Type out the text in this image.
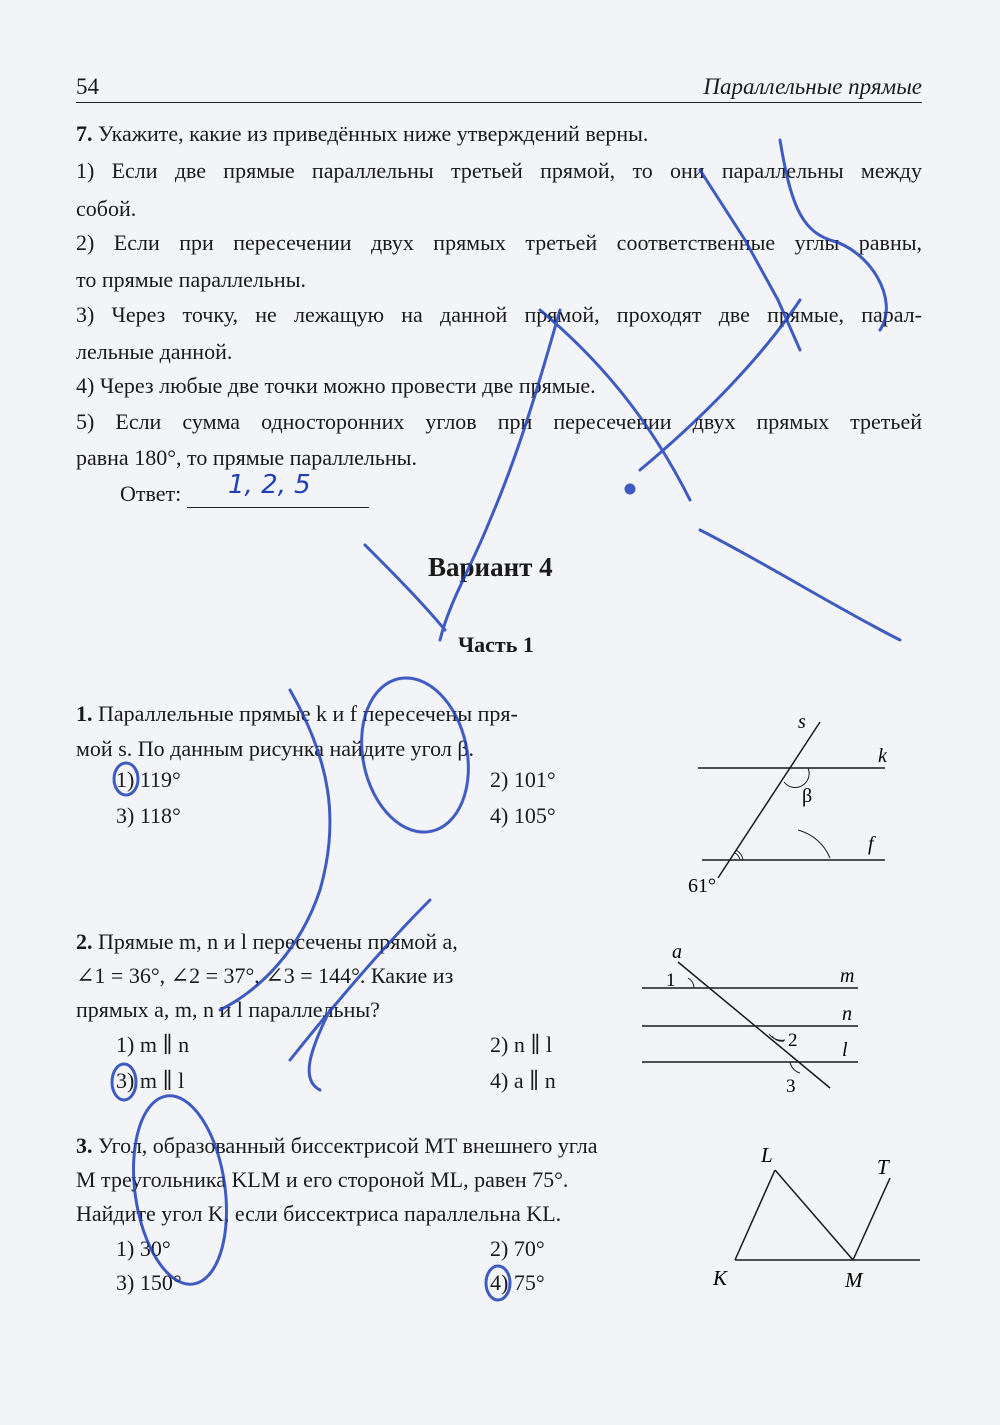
54	Параллельные прямые
7. Укажите, какие из приведённых ниже утверждений верны.
1) Если две прямые параллельны третьей прямой, то они параллельны между
собой.
2) Если при пересечении двух прямых третьей соответственные углы равны,
то прямые параллельны.
3) Через точку, не лежащую на данной прямой, проходят две прямые, парал-
лельные данной.
4) Через любые две точки можно провести две прямые.
5) Если сумма односторонних углов при пересечении двух прямых третьей
равна 180°, то прямые параллельны.
Ответ:	1, 2, 5
Вариант 4
Часть 1
1. Параллельные прямые k и f пересечены пря-
мой s. По данным рисунка найдите угол β.
1) 119°	2) 101°
3) 118°	4) 105°
s
k
β
f
61°
2. Прямые m, n и l пересечены прямой a,
∠1 = 36°, ∠2 = 37°, ∠3 = 144°. Какие из
прямых a, m, n и l параллельны?
1) m ∥ n	2) n ∥ l
3) m ∥ l	4) a ∥ n
a
1	m
n
2 l
3
3. Угол, образованный биссектрисой MT внешнего угла
M треугольника KLM и его стороной ML, равен 75°.
Найдите угол K, если биссектриса параллельна KL.
1) 30°	2) 70°
3) 150°	4) 75°
L	T
K	M
